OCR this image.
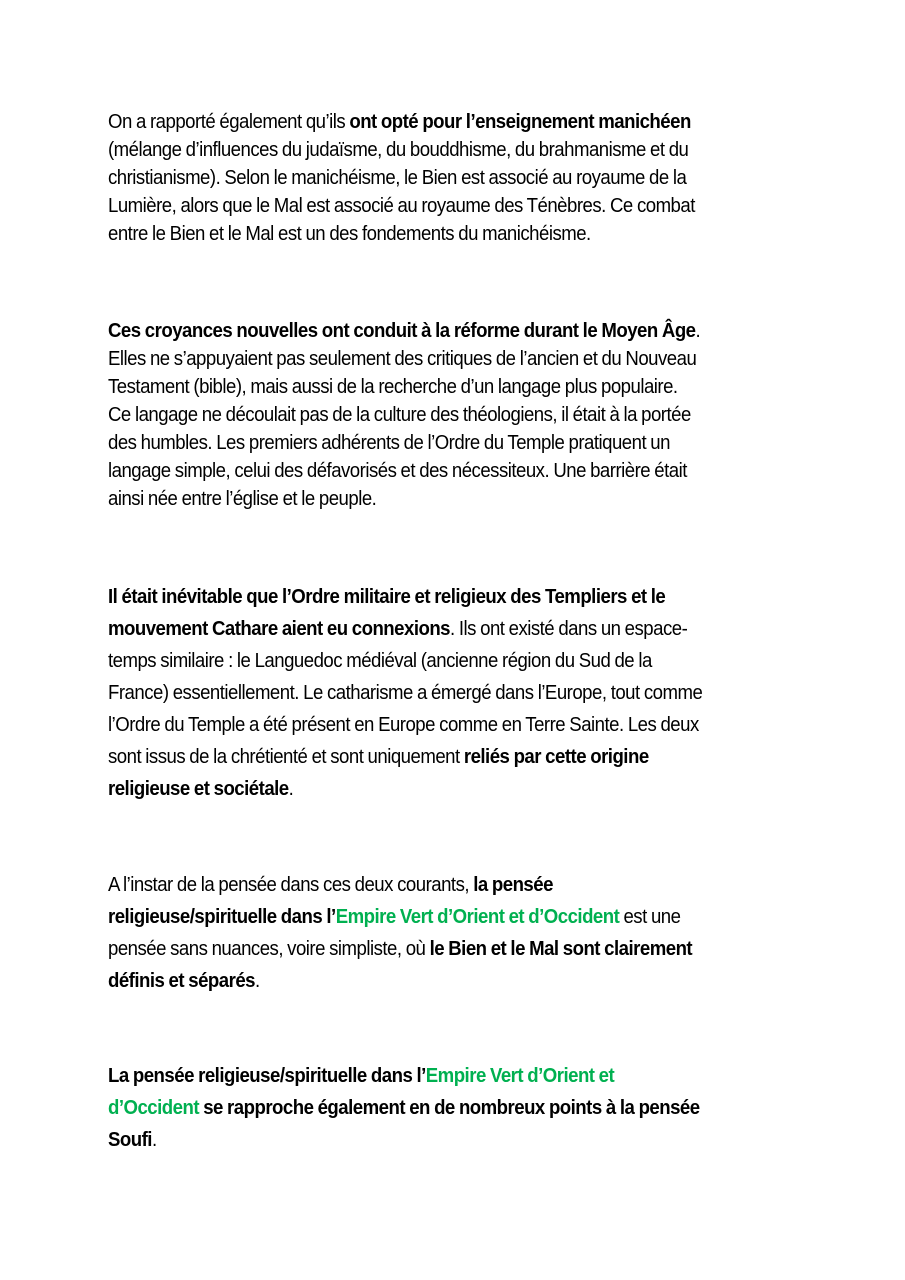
On a rapporté également qu’ils ont opté pour l’enseignement manichéen
(mélange d’influences du judaïsme, du bouddhisme, du brahmanisme et du
christianisme). Selon le manichéisme, le Bien est associé au royaume de la
Lumière, alors que le Mal est associé au royaume des Ténèbres. Ce combat
entre le Bien et le Mal est un des fondements du manichéisme.

Ces croyances nouvelles ont conduit à la réforme durant le Moyen Âge.
Elles ne s’appuyaient pas seulement des critiques de l’ancien et du Nouveau
Testament (bible), mais aussi de la recherche d’un langage plus populaire.
Ce langage ne découlait pas de la culture des théologiens, il était à la portée
des humbles. Les premiers adhérents de l’Ordre du Temple pratiquent un
langage simple, celui des défavorisés et des nécessiteux. Une barrière était
ainsi née entre l’église et le peuple.

Il était inévitable que l’Ordre militaire et religieux des Templiers et le
mouvement Cathare aient eu connexions. Ils ont existé dans un espace-
temps similaire : le Languedoc médiéval (ancienne région du Sud de la
France) essentiellement. Le catharisme a émergé dans l’Europe, tout comme
l’Ordre du Temple a été présent en Europe comme en Terre Sainte. Les deux
sont issus de la chrétienté et sont uniquement reliés par cette origine
religieuse et sociétale.

A l’instar de la pensée dans ces deux courants, la pensée
religieuse/spirituelle dans l’Empire Vert d’Orient et d’Occident est une
pensée sans nuances, voire simpliste, où le Bien et le Mal sont clairement
définis et séparés.

La pensée religieuse/spirituelle dans l’Empire Vert d’Orient et
d’Occident se rapproche également en de nombreux points à la pensée
Soufi.
